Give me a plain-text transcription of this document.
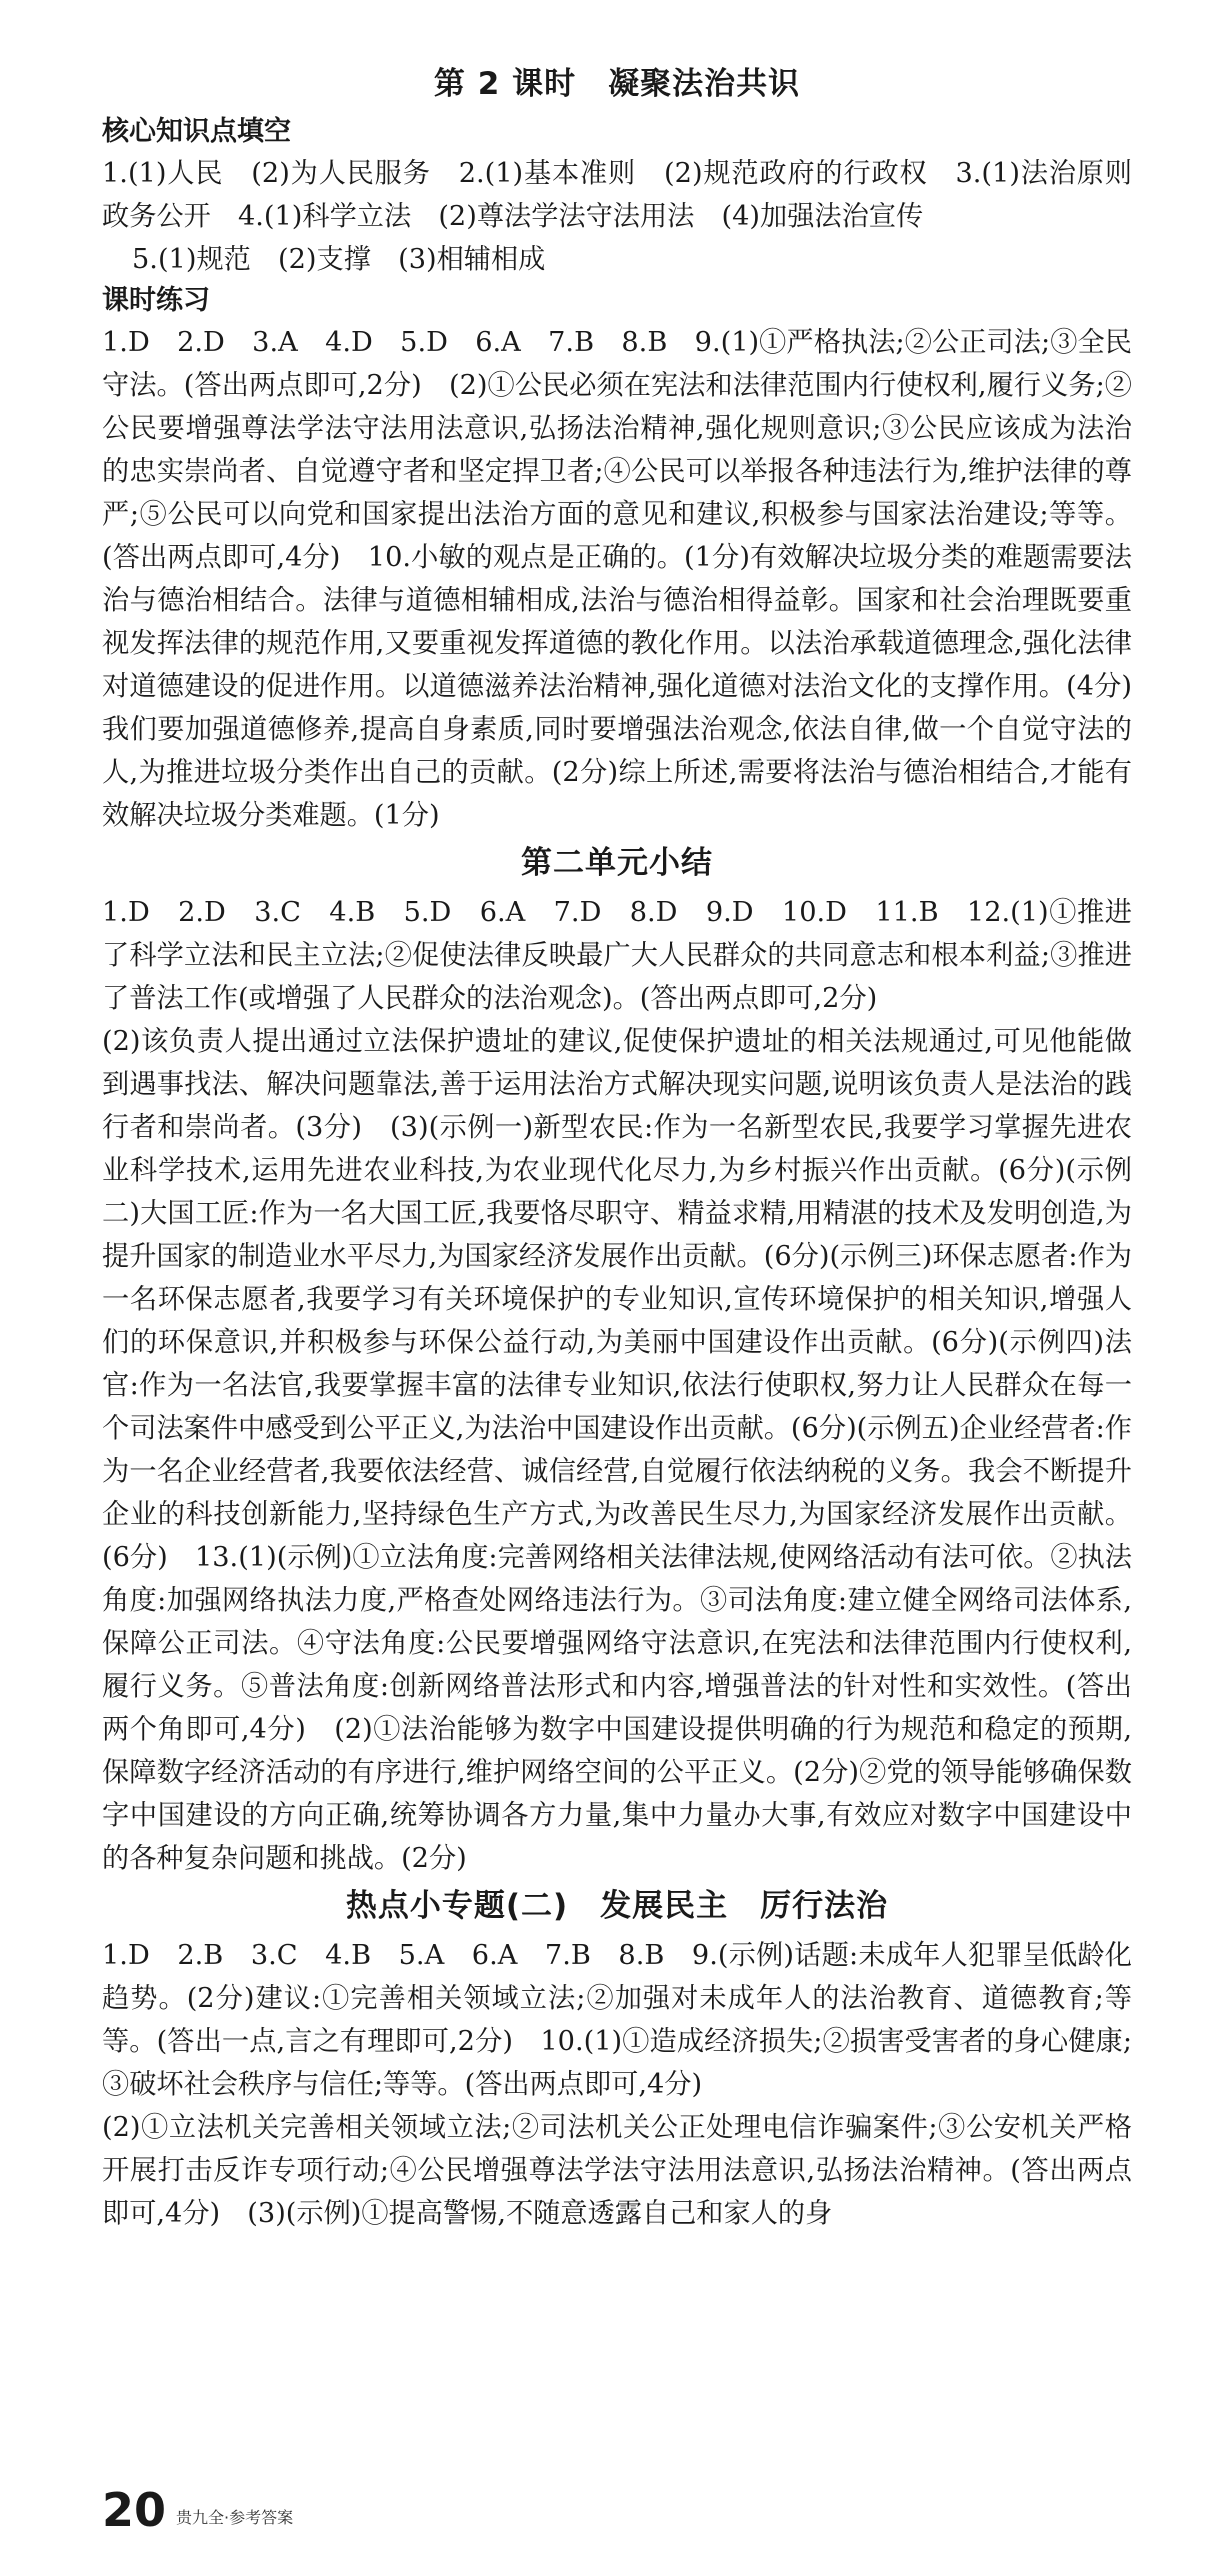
第 2 课时　凝聚法治共识
核心知识点填空

1.(1)人民　(2)为人民服务　2.(1)基本准则　(2)规范政府的行政权　3.(1)法治原则　政务公开　4.(1)科学立法　(2)尊法学法守法用法　(4)加强法治宣传

5.(1)规范　(2)支撑　(3)相辅相成

课时练习

1.D　2.D　3.A　4.D　5.D　6.A　7.B　8.B　9.(1)①严格执法;②公正司法;③全民守法。(答出两点即可,2分)　(2)①公民必须在宪法和法律范围内行使权利,履行义务;②公民要增强尊法学法守法用法意识,弘扬法治精神,强化规则意识;③公民应该成为法治的忠实崇尚者、自觉遵守者和坚定捍卫者;④公民可以举报各种违法行为,维护法律的尊严;⑤公民可以向党和国家提出法治方面的意见和建议,积极参与国家法治建设;等等。(答出两点即可,4分)　10.小敏的观点是正确的。(1分)有效解决垃圾分类的难题需要法治与德治相结合。法律与道德相辅相成,法治与德治相得益彰。国家和社会治理既要重视发挥法律的规范作用,又要重视发挥道德的教化作用。以法治承载道德理念,强化法律对道德建设的促进作用。以道德滋养法治精神,强化道德对法治文化的支撑作用。(4分)我们要加强道德修养,提高自身素质,同时要增强法治观念,依法自律,做一个自觉守法的人,为推进垃圾分类作出自己的贡献。(2分)综上所述,需要将法治与德治相结合,才能有效解决垃圾分类难题。(1分)

第二单元小结

1.D　2.D　3.C　4.B　5.D　6.A　7.D　8.D　9.D　10.D　11.B　12.(1)①推进了科学立法和民主立法;②促使法律反映最广大人民群众的共同意志和根本利益;③推进了普法工作(或增强了人民群众的法治观念)。(答出两点即可,2分)

(2)该负责人提出通过立法保护遗址的建议,促使保护遗址的相关法规通过,可见他能做到遇事找法、解决问题靠法,善于运用法治方式解决现实问题,说明该负责人是法治的践行者和崇尚者。(3分)　(3)(示例一)新型农民:作为一名新型农民,我要学习掌握先进农业科学技术,运用先进农业科技,为农业现代化尽力,为乡村振兴作出贡献。(6分)(示例二)大国工匠:作为一名大国工匠,我要恪尽职守、精益求精,用精湛的技术及发明创造,为提升国家的制造业水平尽力,为国家经济发展作出贡献。(6分)(示例三)环保志愿者:作为一名环保志愿者,我要学习有关环境保护的专业知识,宣传环境保护的相关知识,增强人们的环保意识,并积极参与环保公益行动,为美丽中国建设作出贡献。(6分)(示例四)法官:作为一名法官,我要掌握丰富的法律专业知识,依法行使职权,努力让人民群众在每一个司法案件中感受到公平正义,为法治中国建设作出贡献。(6分)(示例五)企业经营者:作为一名企业经营者,我要依法经营、诚信经营,自觉履行依法纳税的义务。我会不断提升企业的科技创新能力,坚持绿色生产方式,为改善民生尽力,为国家经济发展作出贡献。(6分)　13.(1)(示例)①立法角度:完善网络相关法律法规,使网络活动有法可依。②执法角度:加强网络执法力度,严格查处网络违法行为。③司法角度:建立健全网络司法体系,保障公正司法。④守法角度:公民要增强网络守法意识,在宪法和法律范围内行使权利,履行义务。⑤普法角度:创新网络普法形式和内容,增强普法的针对性和实效性。(答出两个角即可,4分)　(2)①法治能够为数字中国建设提供明确的行为规范和稳定的预期,保障数字经济活动的有序进行,维护网络空间的公平正义。(2分)②党的领导能够确保数字中国建设的方向正确,统筹协调各方力量,集中力量办大事,有效应对数字中国建设中的各种复杂问题和挑战。(2分)

热点小专题(二)　发展民主　厉行法治

1.D　2.B　3.C　4.B　5.A　6.A　7.B　8.B　9.(示例)话题:未成年人犯罪呈低龄化趋势。(2分)建议:①完善相关领域立法;②加强对未成年人的法治教育、道德教育;等等。(答出一点,言之有理即可,2分)　10.(1)①造成经济损失;②损害受害者的身心健康;③破坏社会秩序与信任;等等。(答出两点即可,4分)

(2)①立法机关完善相关领域立法;②司法机关公正处理电信诈骗案件;③公安机关严格开展打击反诈专项行动;④公民增强尊法学法守法用法意识,弘扬法治精神。(答出两点即可,4分)　(3)(示例)①提高警惕,不随意透露自己和家人的身

20 贵九全·参考答案
